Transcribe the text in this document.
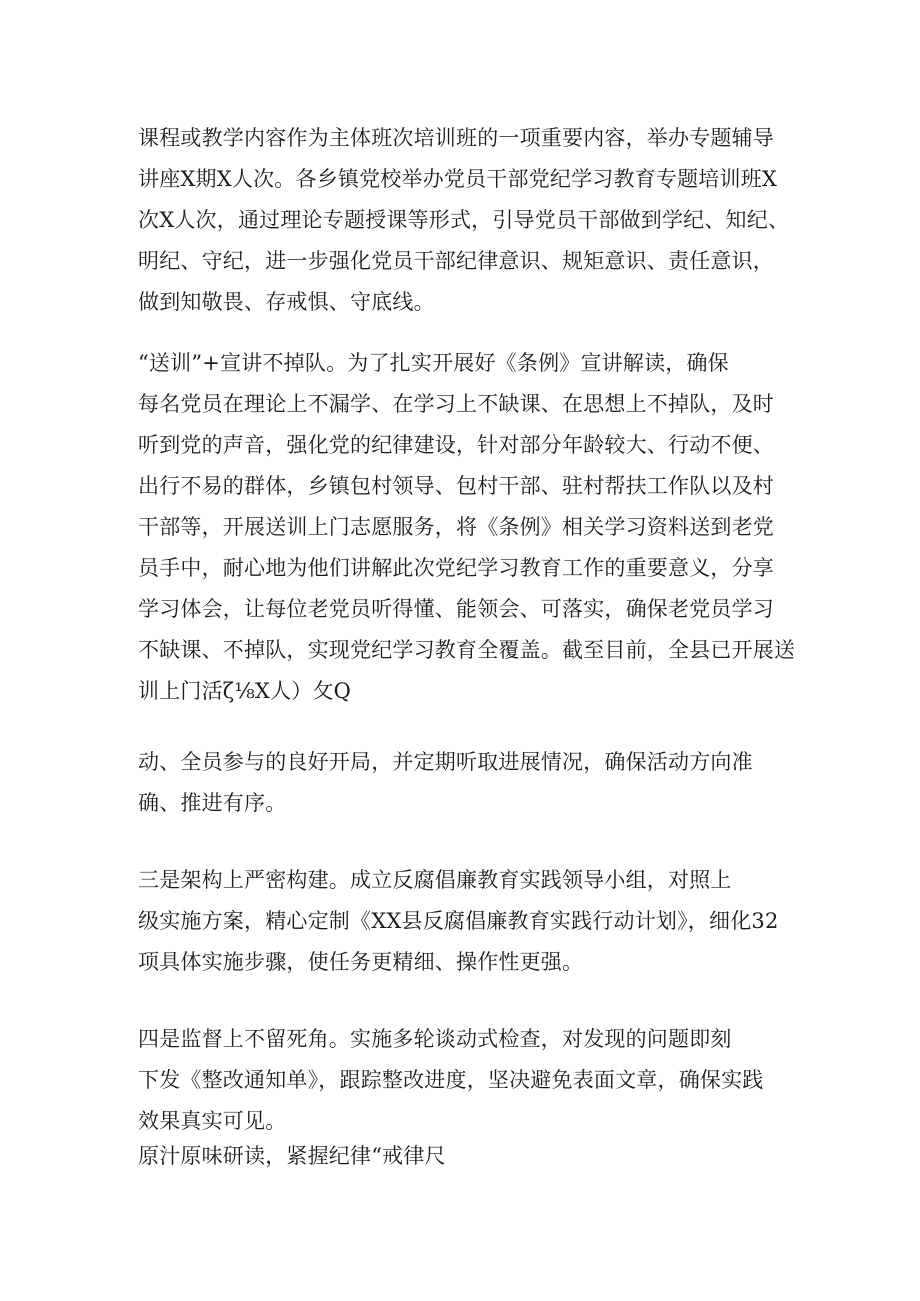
课程或教学内容作为主体班次培训班的一项重要内容，举办专题辅导
讲座X期X人次。各乡镇党校举办党员干部党纪学习教育专题培训班X
次X人次，通过理论专题授课等形式，引导党员干部做到学纪、知纪、
明纪、守纪，进一步强化党员干部纪律意识、规矩意识、责任意识，
做到知敬畏、存戒惧、守底线。

“送训”+宣讲不掉队。为了扎实开展好《条例》宣讲解读，确保
每名党员在理论上不漏学、在学习上不缺课、在思想上不掉队，及时
听到党的声音，强化党的纪律建设，针对部分年龄较大、行动不便、
出行不易的群体，乡镇包村领导、包村干部、驻村帮扶工作队以及村
干部等，开展送训上门志愿服务，将《条例》相关学习资料送到老党
员手中，耐心地为他们讲解此次党纪学习教育工作的重要意义，分享
学习体会，让每位老党员听得懂、能领会、可落实，确保老党员学习
不缺课、不掉队，实现党纪学习教育全覆盖。截至目前，全县已开展送
训上门活ζ⅛X人）攵Q

动、全员参与的良好开局，并定期听取进展情况，确保活动方向准
确、推进有序。

三是架构上严密构建。成立反腐倡廉教育实践领导小组，对照上
级实施方案，精心定制《XX县反腐倡廉教育实践行动计划》，细化32
项具体实施步骤，使任务更精细、操作性更强。

四是监督上不留死角。实施多轮谈动式检查，对发现的问题即刻
下发《整改通知单》，跟踪整改进度，坚决避免表面文章，确保实践
效果真实可见。

原汁原味研读，紧握纪律“戒律尺
